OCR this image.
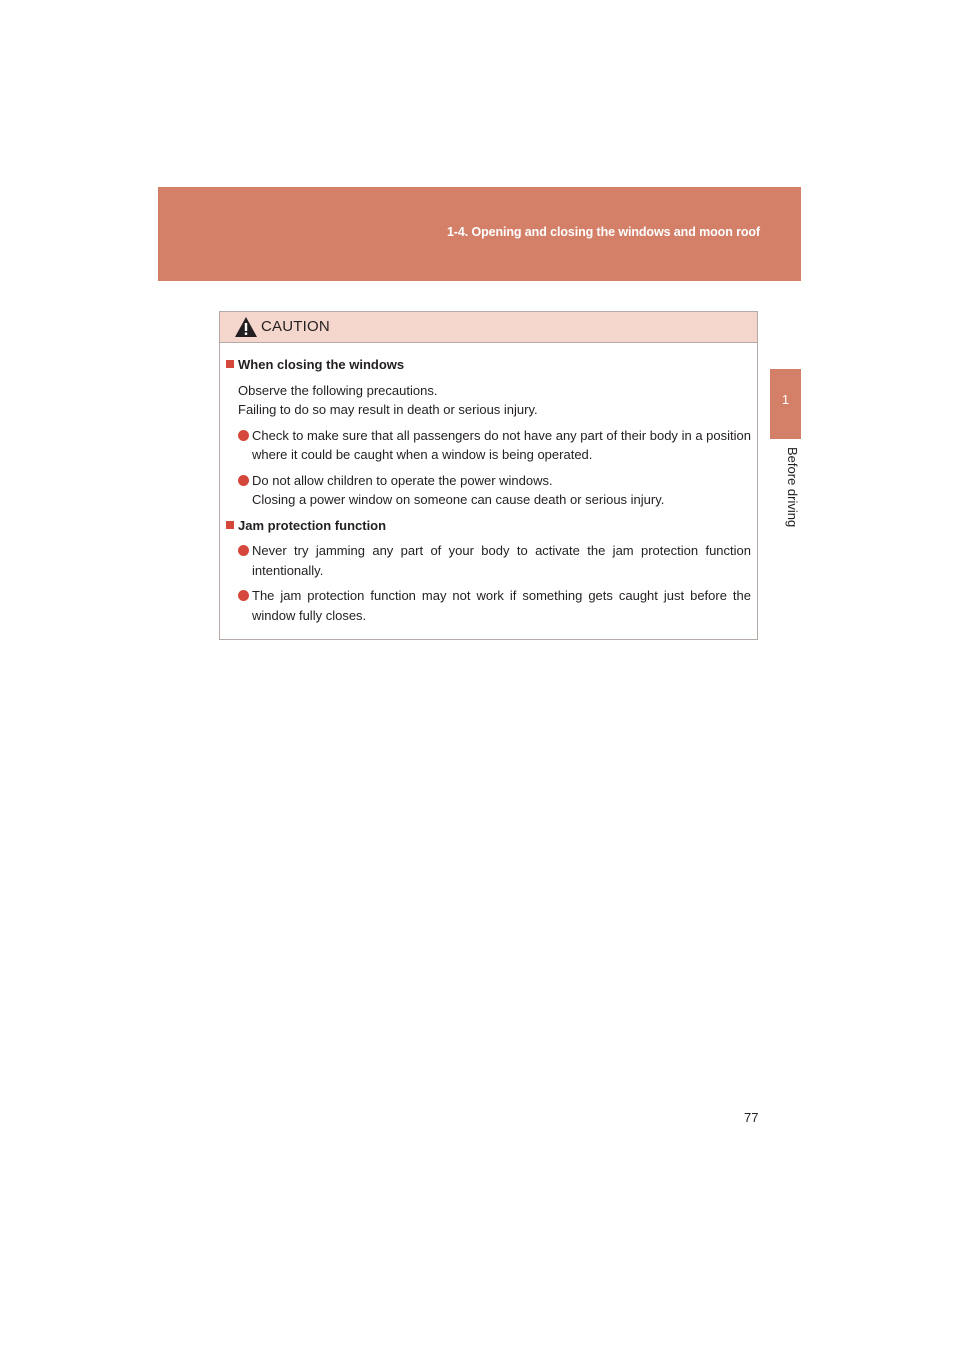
1-4. Opening and closing the windows and moon roof
1
Before driving
CAUTION
When closing the windows

Observe the following precautions.

Failing to do so may result in death or serious injury.

Check to make sure that all passengers do not have any part of their body in a position where it could be caught when a window is being operated.
Do not allow children to operate the power windows.
Closing a power window on someone can cause death or serious injury.
Jam protection function
Never try jamming any part of your body to activate the jam protection function intentionally.
The jam protection function may not work if something gets caught just before the window fully closes.
77
